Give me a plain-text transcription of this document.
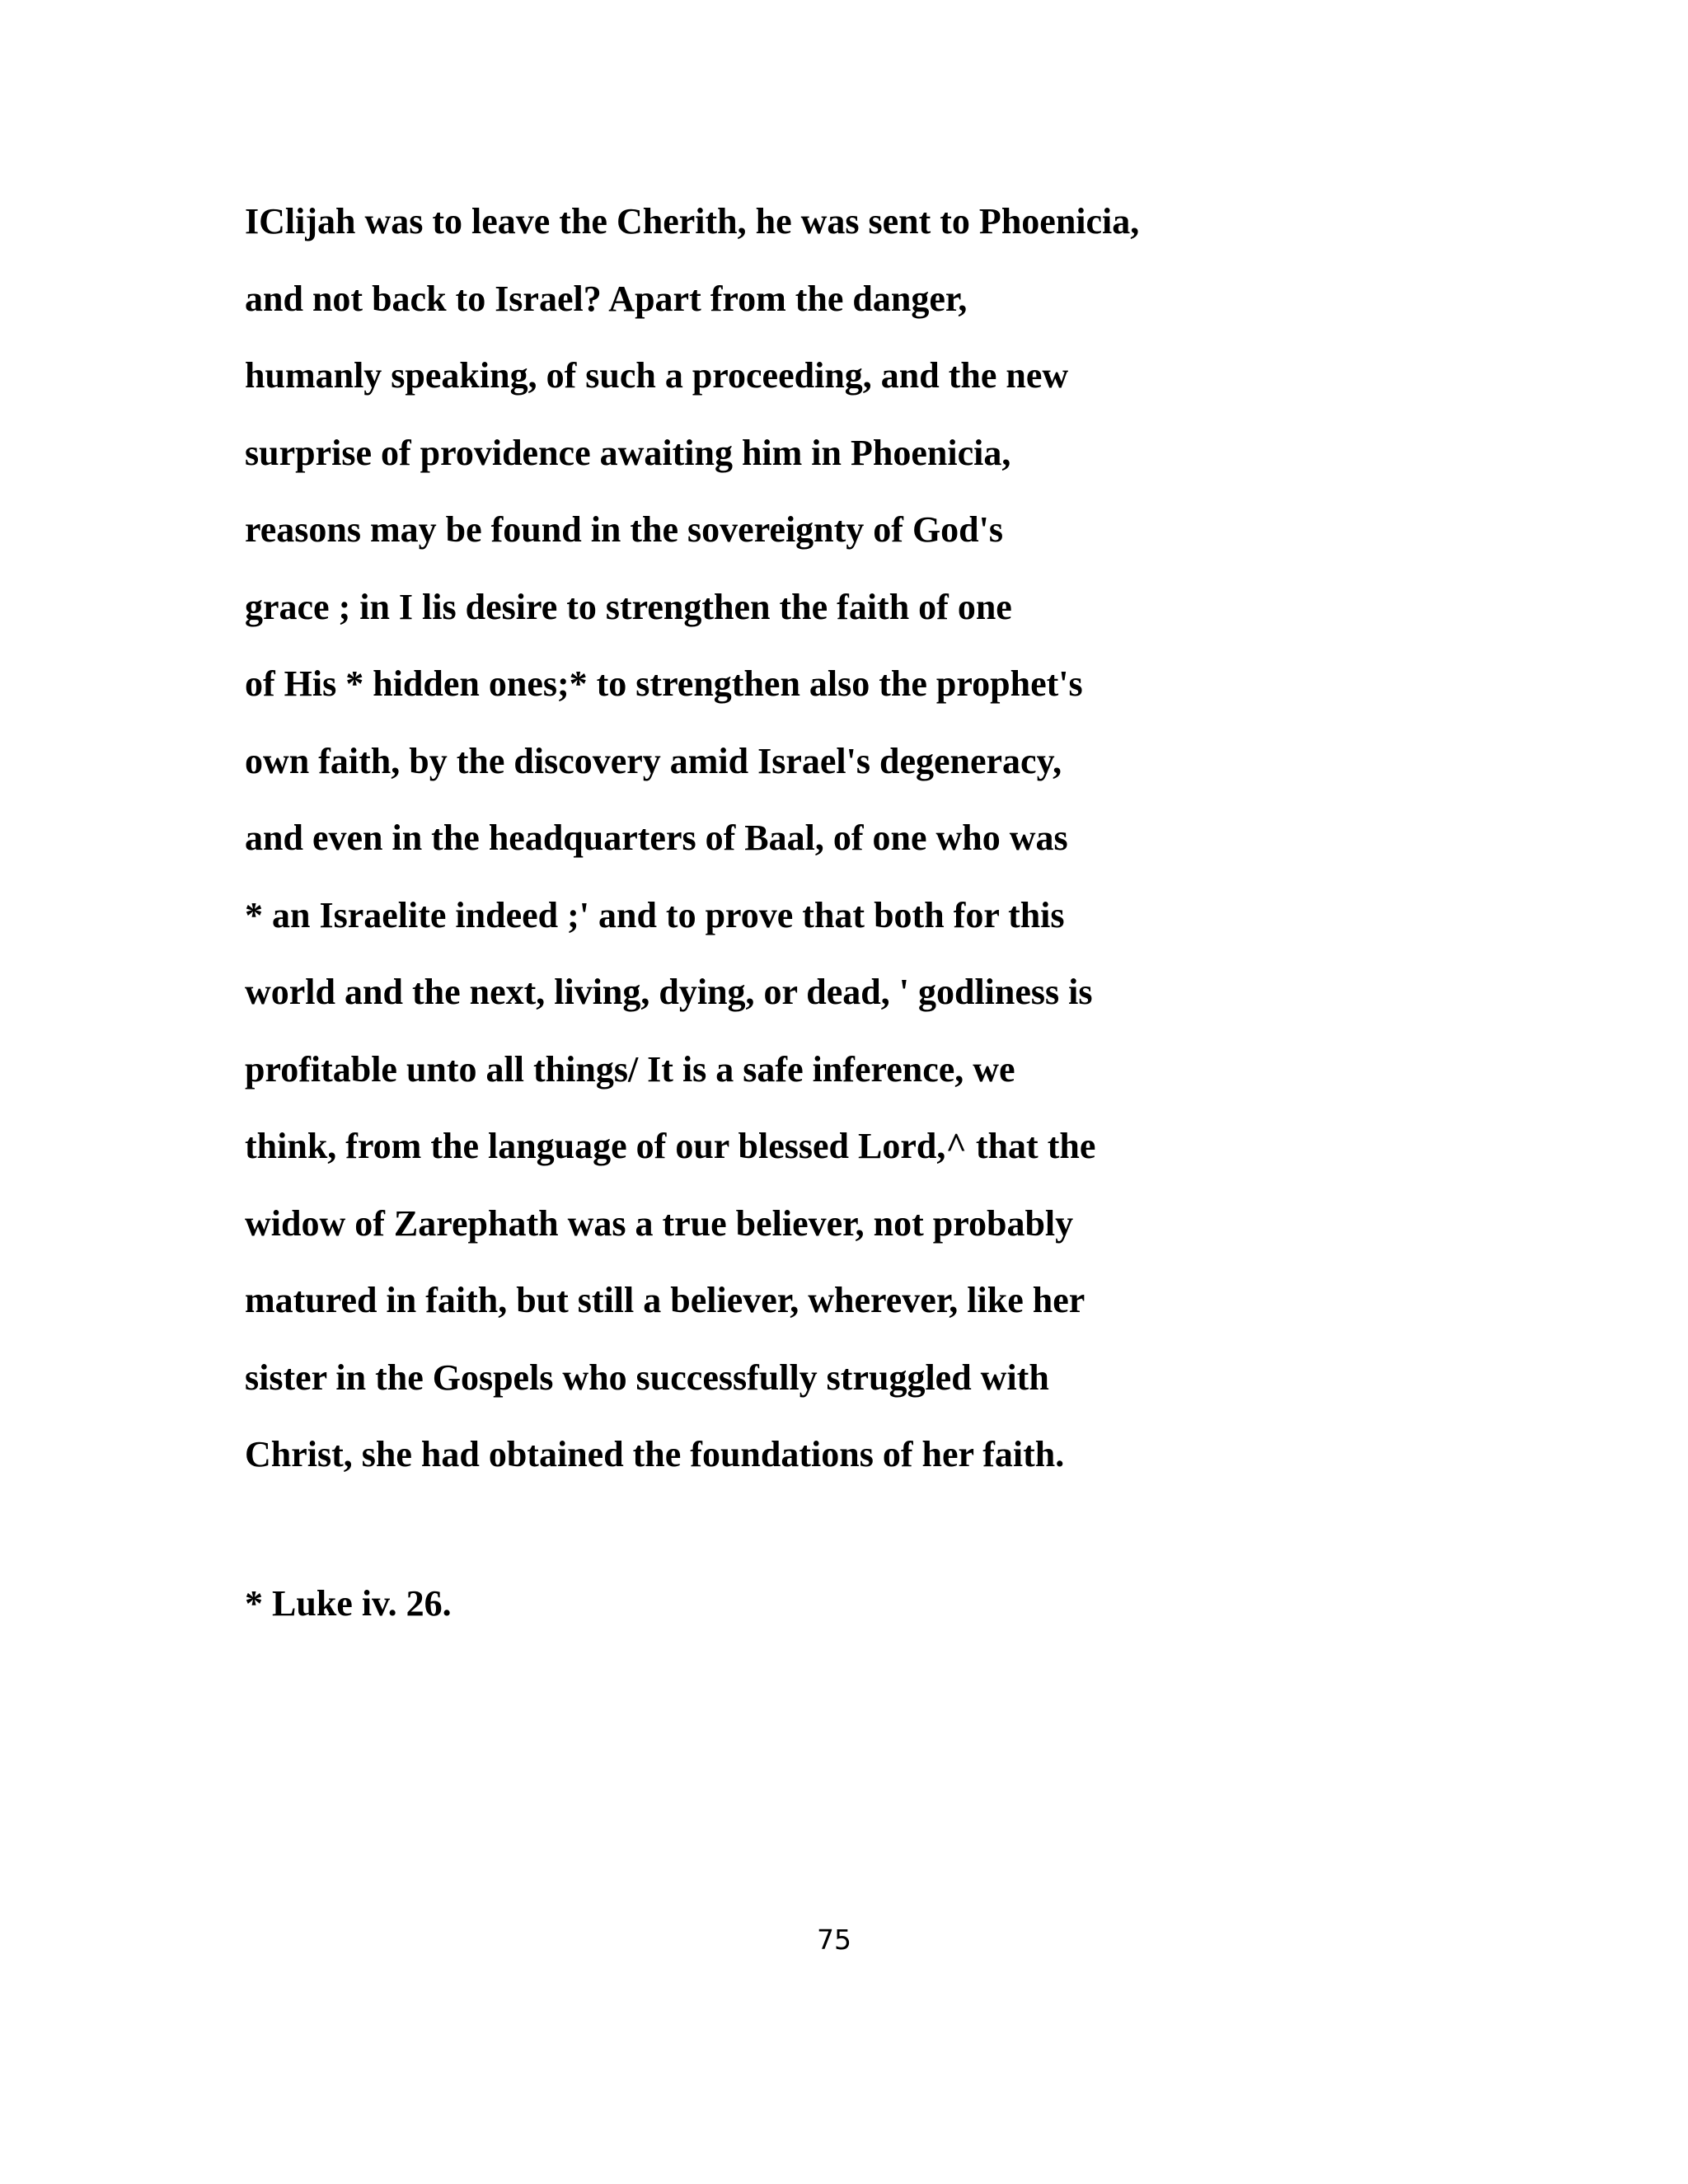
IClijah was to leave the Cherith, he was sent to Phoenicia,
and not back to Israel? Apart from the danger,
humanly speaking, of such a proceeding, and the new
surprise of providence awaiting him in Phoenicia,
reasons may be found in the sovereignty of God's
grace ; in I lis desire to strengthen the faith of one
of His * hidden ones;* to strengthen also the prophet's
own faith, by the discovery amid Israel's degeneracy,
and even in the headquarters of Baal, of one who was
* an Israelite indeed ;' and to prove that both for this
world and the next, living, dying, or dead, ' godliness is
profitable unto all things/ It is a safe inference, we
think, from the language of our blessed Lord,^ that the
widow of Zarephath was a true believer, not probably
matured in faith, but still a believer, wherever, like her
sister in the Gospels who successfully struggled with
Christ, she had obtained the foundations of her faith.

* Luke iv. 26.

75
